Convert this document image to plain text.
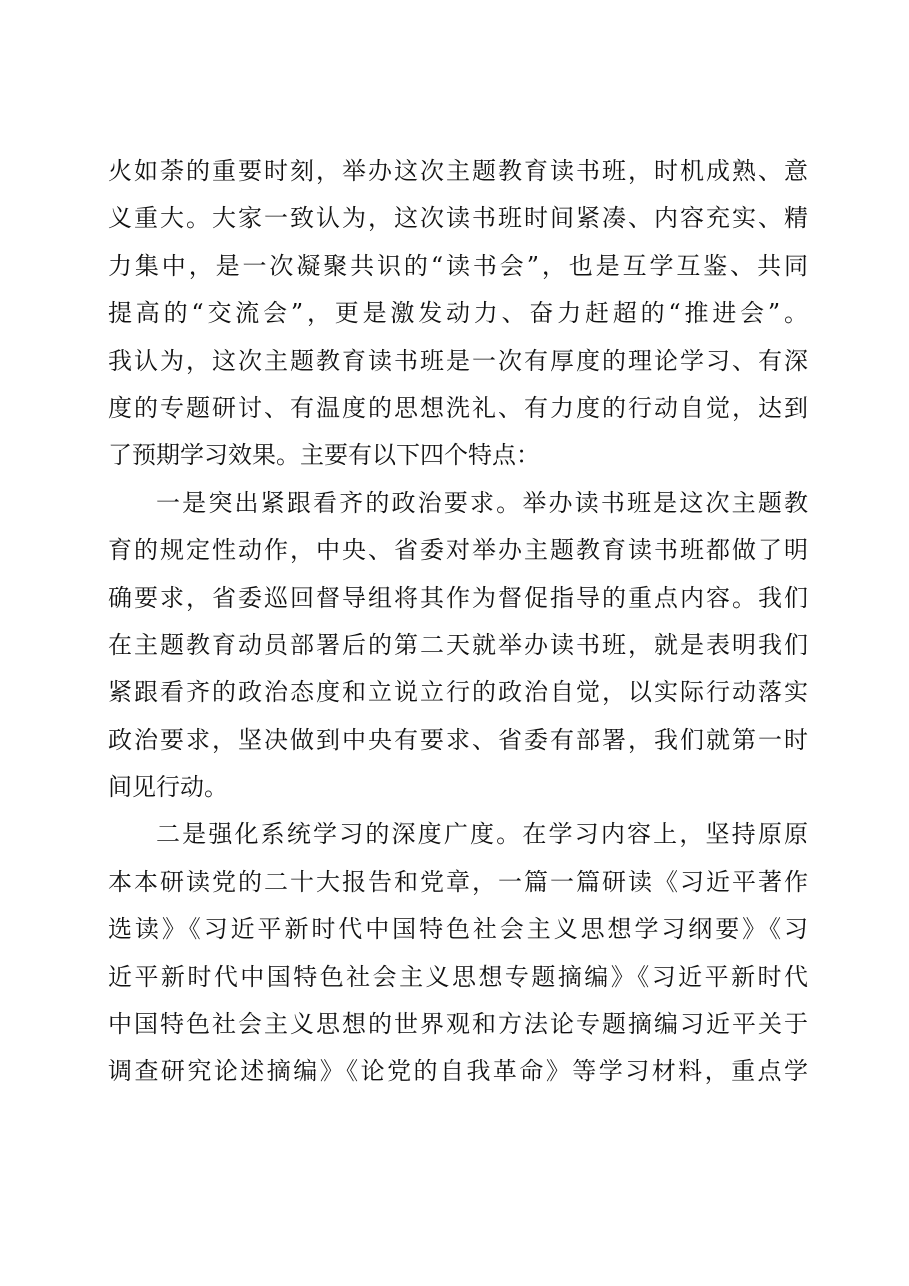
火如荼的重要时刻，举办这次主题教育读书班，时机成熟、意
义重大。大家一致认为，这次读书班时间紧凑、内容充实、精
力集中，是一次凝聚共识的“读书会”，也是互学互鉴、共同
提高的“交流会”，更是激发动力、奋力赶超的“推进会”。
我认为，这次主题教育读书班是一次有厚度的理论学习、有深
度的专题研讨、有温度的思想洗礼、有力度的行动自觉，达到
了预期学习效果。主要有以下四个特点：
一是突出紧跟看齐的政治要求。举办读书班是这次主题教
育的规定性动作，中央、省委对举办主题教育读书班都做了明
确要求，省委巡回督导组将其作为督促指导的重点内容。我们
在主题教育动员部署后的第二天就举办读书班，就是表明我们
紧跟看齐的政治态度和立说立行的政治自觉，以实际行动落实
政治要求，坚决做到中央有要求、省委有部署，我们就第一时
间见行动。
二是强化系统学习的深度广度。在学习内容上，坚持原原
本本研读党的二十大报告和党章，一篇一篇研读《习近平著作
选读》《习近平新时代中国特色社会主义思想学习纲要》《习
近平新时代中国特色社会主义思想专题摘编》《习近平新时代
中国特色社会主义思想的世界观和方法论专题摘编习近平关于
调查研究论述摘编》《论党的自我革命》等学习材料，重点学
